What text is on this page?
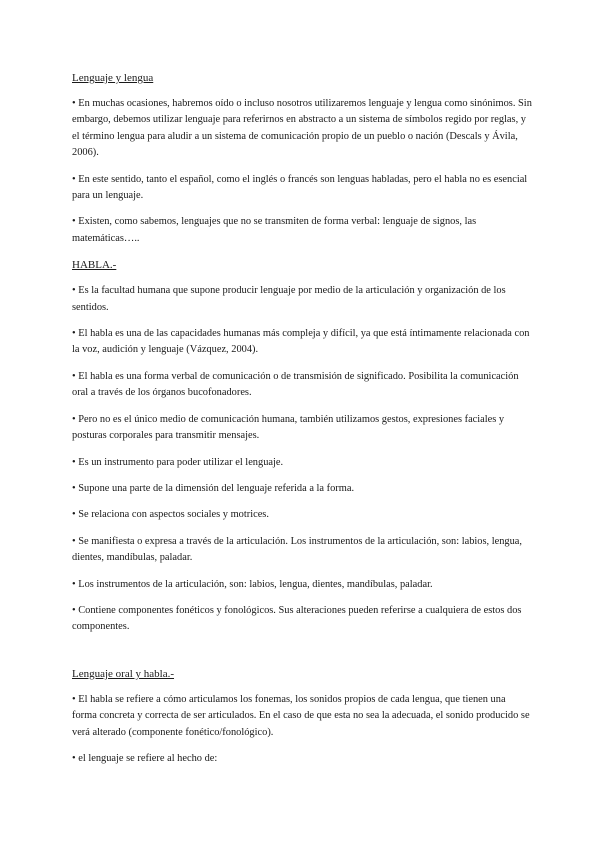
Lenguaje y lengua

• En muchas ocasiones, habremos oído o incluso nosotros utilizaremos lenguaje y lengua como sinónimos. Sin embargo, debemos utilizar lenguaje para referirnos en abstracto a un sistema de símbolos regido por reglas, y el término lengua para aludir a un sistema de comunicación propio de un pueblo o nación (Descals y Ávila, 2006).

• En este sentido, tanto el español, como el inglés o francés son lenguas habladas, pero el habla no es esencial para un lenguaje.

• Existen, como sabemos, lenguajes que no se transmiten de forma verbal: lenguaje de signos, las matemáticas…..

HABLA.-

• Es la facultad humana que supone producir lenguaje por medio de la articulación y organización de los sentidos.

• El habla es una de las capacidades humanas más compleja y difícil, ya que está íntimamente relacionada con la voz, audición y lenguaje (Vázquez, 2004).

• El habla es una forma verbal de comunicación o de transmisión de significado. Posibilita la comunicación oral a través de los órganos bucofonadores.

• Pero no es el único medio de comunicación humana, también utilizamos gestos, expresiones faciales y posturas corporales para transmitir mensajes.

• Es un instrumento para poder utilizar el lenguaje.

• Supone una parte de la dimensión del lenguaje referida a la forma.

• Se relaciona con aspectos sociales y motrices.

• Se manifiesta o expresa a través de la articulación. Los instrumentos de la articulación, son: labios, lengua, dientes, mandíbulas, paladar.

• Los instrumentos de la articulación, son: labios, lengua, dientes, mandíbulas, paladar.

• Contiene componentes fonéticos y fonológicos. Sus alteraciones pueden referirse a cualquiera de estos dos componentes.

Lenguaje oral y habla.-

• El habla se refiere a cómo articulamos los fonemas, los sonidos propios de cada lengua, que tienen una forma concreta y correcta de ser articulados. En el caso de que esta no sea la adecuada, el sonido producido se verá alterado (componente fonético/fonológico).

• el lenguaje se refiere al hecho de:
